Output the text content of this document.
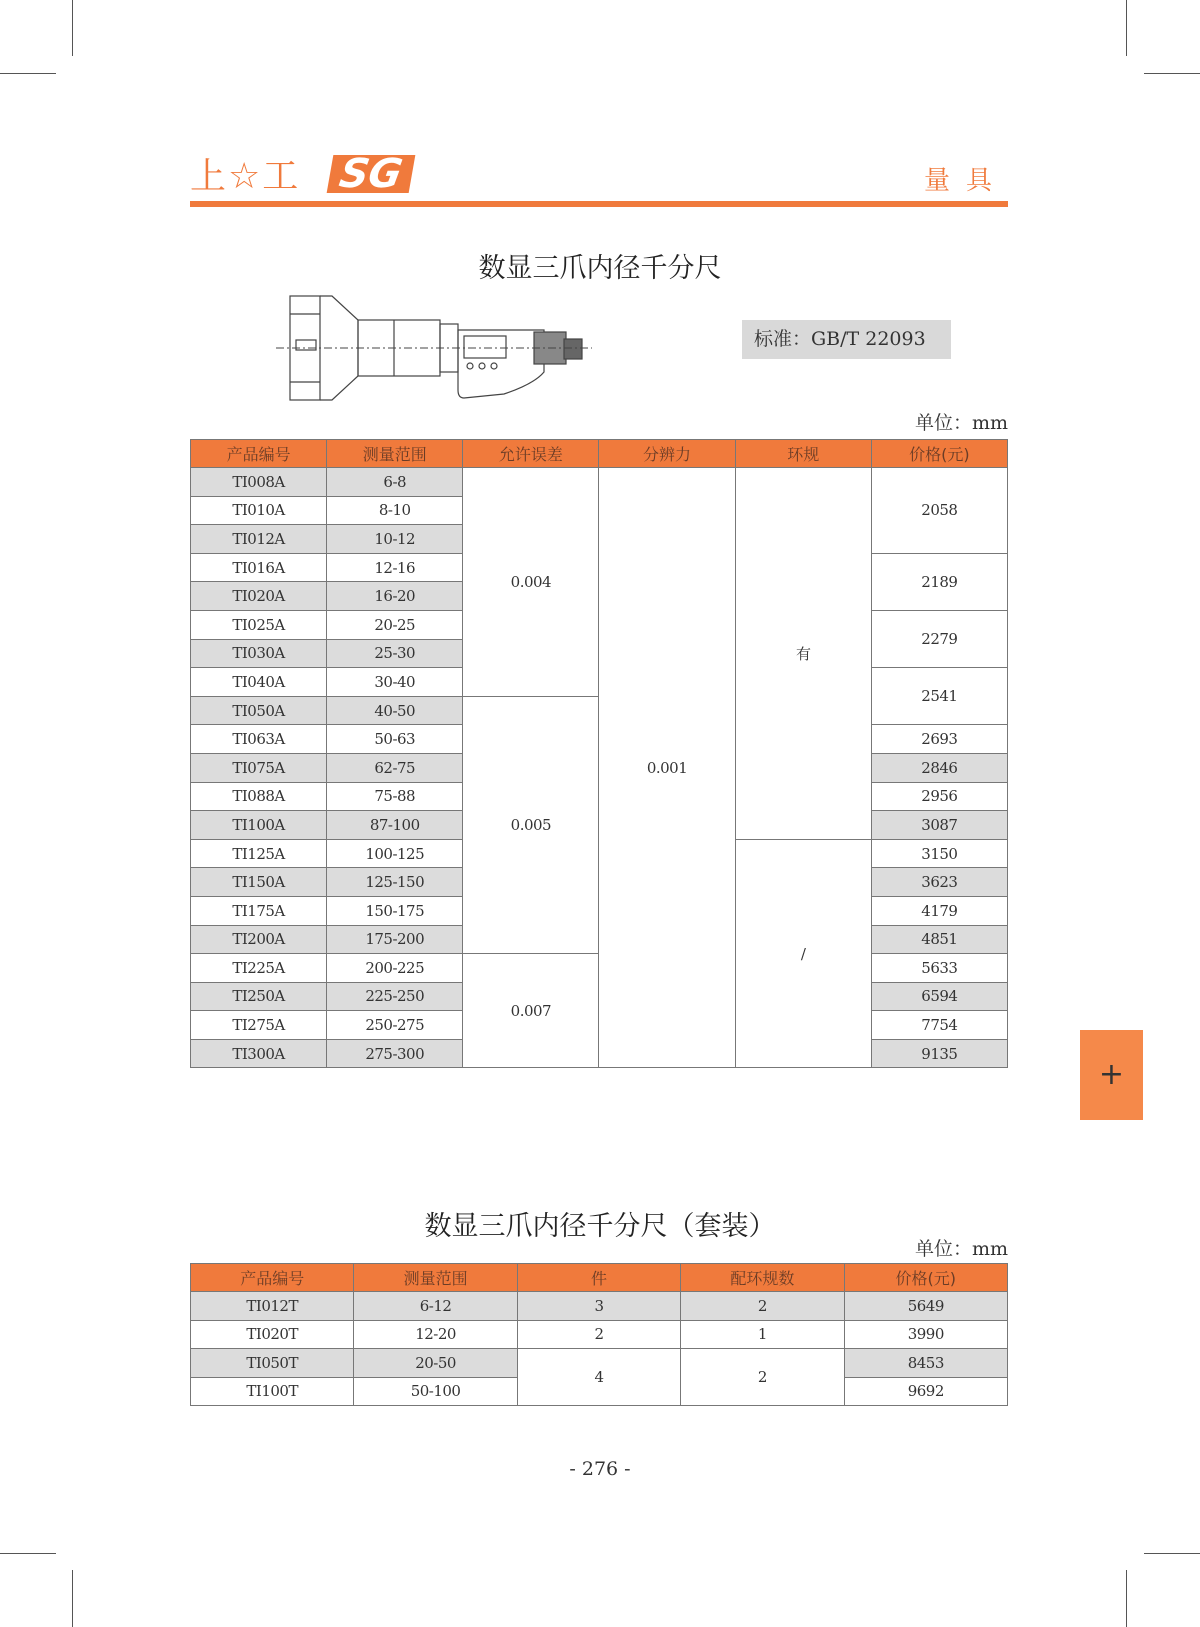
上☆工 SG	量具
数显三爪内径千分尺
标准：GB/T 22093
单位：mm
产品编号	测量范围	允许误差	分辨力	环规	价格(元)
TI008A	6-8	0.004	0.001	有	2058
TI010A	8-10				
TI012A	10-12				
TI016A	12-16				2189
TI020A	16-20				
TI025A	20-25				2279
TI030A	25-30				
TI040A	30-40				2541
TI050A	40-50	0.005			
TI063A	50-63				2693
TI075A	62-75				2846
TI088A	75-88				2956
TI100A	87-100				3087
TI125A	100-125			/	3150
TI150A	125-150				3623
TI175A	150-175				4179
TI200A	175-200				4851
TI225A	200-225	0.007			5633
TI250A	225-250				6594
TI275A	250-275				7754
TI300A	275-300				9135
+
数显三爪内径千分尺（套装）
单位：mm
产品编号	测量范围	件	配环规数	价格(元)
TI012T	6-12	3	2	5649
TI020T	12-20	2	1	3990
TI050T	20-50	4	2	8453
TI100T	50-100			9692
- 276 -
